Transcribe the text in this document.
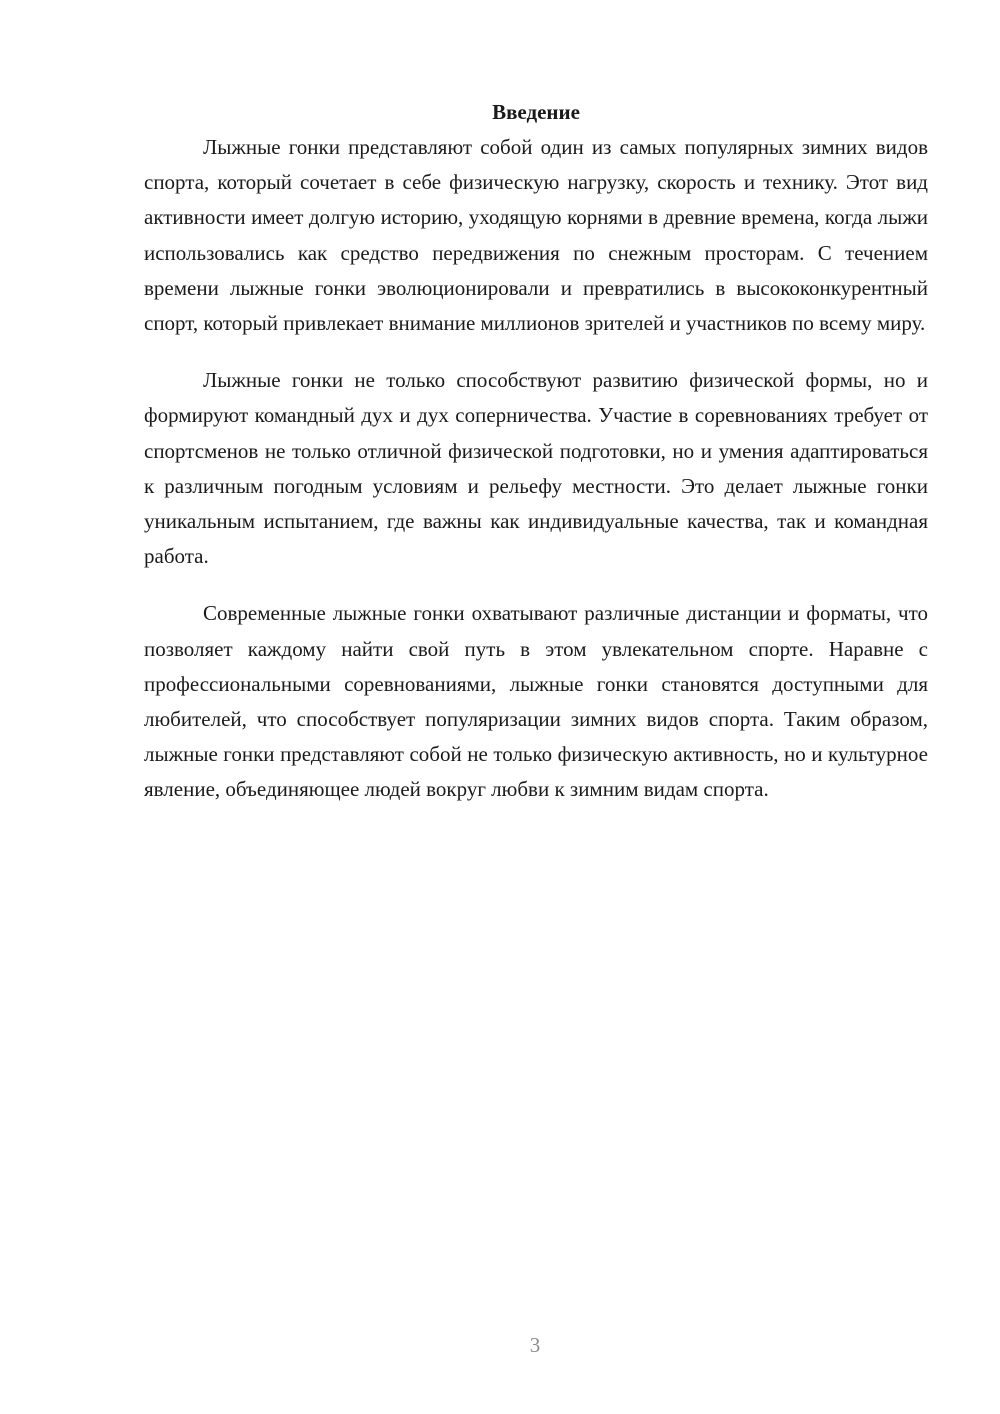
Введение

Лыжные гонки представляют собой один из самых популярных зимних видов спорта, который сочетает в себе физическую нагрузку, скорость и технику. Этот вид активности имеет долгую историю, уходящую корнями в древние времена, когда лыжи использовались как средство передвижения по снежным просторам. С течением времени лыжные гонки эволюционировали и превратились в высококонкурентный спорт, который привлекает внимание миллионов зрителей и участников по всему миру.

Лыжные гонки не только способствуют развитию физической формы, но и формируют командный дух и дух соперничества. Участие в соревнованиях требует от спортсменов не только отличной физической подготовки, но и умения адаптироваться к различным погодным условиям и рельефу местности. Это делает лыжные гонки уникальным испытанием, где важны как индивидуальные качества, так и командная работа.

Современные лыжные гонки охватывают различные дистанции и форматы, что позволяет каждому найти свой путь в этом увлекательном спорте. Наравне с профессиональными соревнованиями, лыжные гонки становятся доступными для любителей, что способствует популяризации зимних видов спорта. Таким образом, лыжные гонки представляют собой не только физическую активность, но и культурное явление, объединяющее людей вокруг любви к зимним видам спорта.

3
